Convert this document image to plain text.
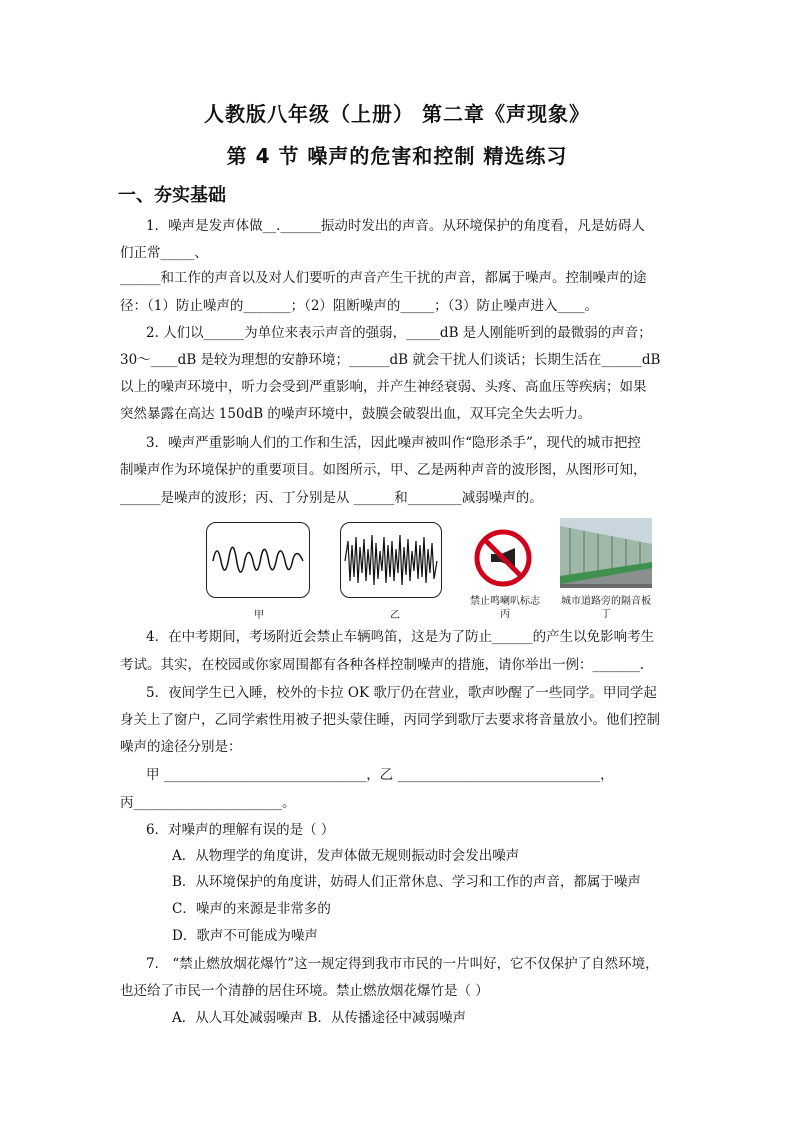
人教版八年级（上册） 第二章《声现象》
第 4 节 噪声的危害和控制 精选练习
一、夯实基础
1．噪声是发声体做__.______振动时发出的声音。从环境保护的角度看，凡是妨碍人
们正常_____、
______和工作的声音以及对人们要听的声音产生干扰的声音，都属于噪声。控制噪声的途
径：（1）防止噪声的_______；（2）阻断噪声的_____；（3）防止噪声进入____。
2. 人们以______为单位来表示声音的强弱，_____dB 是人刚能听到的最微弱的声音；
30～____dB 是较为理想的安静环境；______dB 就会干扰人们谈话；长期生活在______dB
以上的噪声环境中，听力会受到严重影响，并产生神经衰弱、头疼、高血压等疾病；如果
突然暴露在高达 150dB 的噪声环境中，鼓膜会破裂出血，双耳完全失去听力。
3．噪声严重影响人们的工作和生活，因此噪声被叫作“隐形杀手”，现代的城市把控
制噪声作为环境保护的重要项目。如图所示，甲、乙是两种声音的波形图，从图形可知，
______是噪声的波形；丙、丁分别是从 ______和________减弱噪声的。
甲	乙
禁止鸣喇叭标志
丙
城市道路旁的隔音板
丁
4．在中考期间，考场附近会禁止车辆鸣笛，这是为了防止______的产生以免影响考生
考试。其实，在校园或你家周围都有各种各样控制噪声的措施，请你举出一例：_______.
5．夜间学生已入睡，校外的卡拉 OK 歌厅仍在营业，歌声吵醒了一些同学。甲同学起
身关上了窗户，乙同学索性用被子把头蒙住睡，丙同学到歌厅去要求将音量放小。他们控制
噪声的途径分别是：
甲 ______________________________，乙 ______________________________，
丙______________________。
6．对噪声的理解有误的是（ ）
A．从物理学的角度讲，发声体做无规则振动时会发出噪声
B．从环境保护的角度讲，妨碍人们正常休息、学习和工作的声音，都属于噪声
C．噪声的来源是非常多的
D．歌声不可能成为噪声
7． “禁止燃放烟花爆竹”这一规定得到我市市民的一片叫好，它不仅保护了自然环境，
也还给了市民一个清静的居住环境。禁止燃放烟花爆竹是（ ）
A．从人耳处减弱噪声 B．从传播途径中减弱噪声
